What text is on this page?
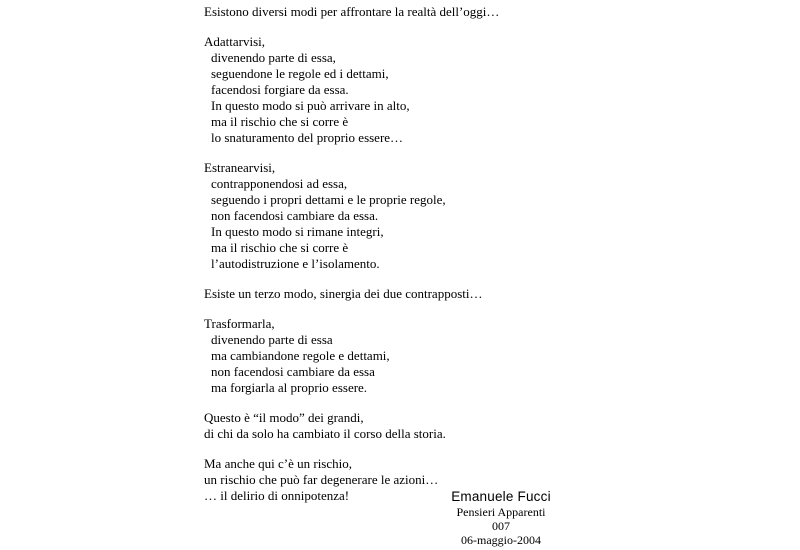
Esistono diversi modi per affrontare la realtà dell’oggi…
Adattarvisi,
divenendo parte di essa,
seguendone le regole ed i dettami,
facendosi forgiare da essa.
In questo modo si può arrivare in alto,
ma il rischio che si corre è
lo snaturamento del proprio essere…
Estranearvisi,
contrapponendosi ad essa,
seguendo i propri dettami e le proprie regole,
non facendosi cambiare da essa.
In questo modo si rimane integri,
ma il rischio che si corre è
l’autodistruzione e l’isolamento.
Esiste un terzo modo, sinergia dei due contrapposti…
Trasformarla,
divenendo parte di essa
ma cambiandone regole e dettami,
non facendosi cambiare da essa
ma forgiarla al proprio essere.
Questo è “il modo” dei grandi,
di chi da solo ha cambiato il corso della storia.
Ma anche qui c’è un rischio,
un rischio che può far degenerare le azioni…
… il delirio di onnipotenza!	Emanuele Fucci
Pensieri Apparenti
007
06-maggio-2004
